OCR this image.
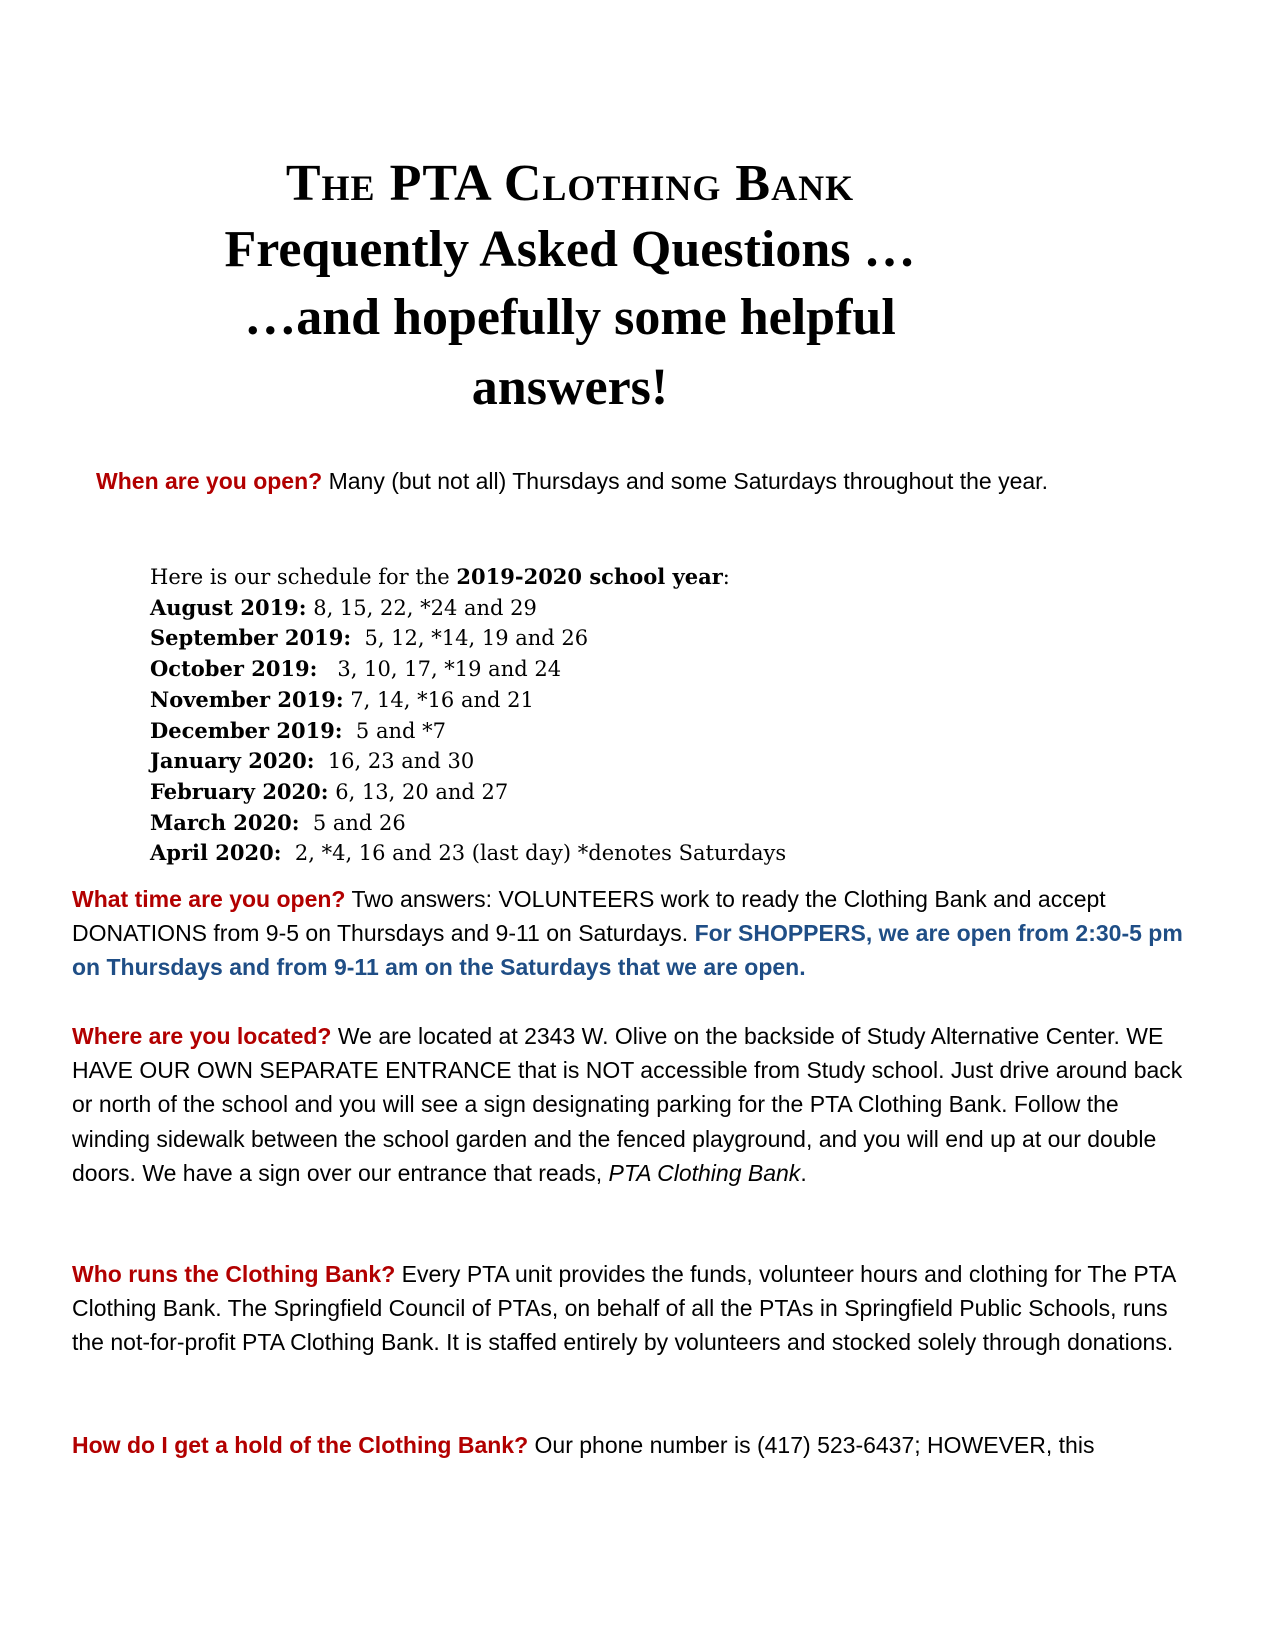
The PTA Clothing Bank
Frequently Asked Questions …
…and hopefully some helpful
answers!
When are you open? Many (but not all) Thursdays and some Saturdays throughout the year.
Here is our schedule for the 2019-2020 school year:
August 2019: 8, 15, 22, *24 and 29
September 2019:  5, 12, *14, 19 and 26
October 2019:   3, 10, 17, *19 and 24
November 2019: 7, 14, *16 and 21
December 2019:  5 and *7
January 2020:  16, 23 and 30
February 2020: 6, 13, 20 and 27
March 2020:  5 and 26
April 2020:  2, *4, 16 and 23 (last day) *denotes Saturdays
What time are you open? Two answers: VOLUNTEERS work to ready the Clothing Bank and accept DONATIONS from 9-5 on Thursdays and 9-11 on Saturdays. For SHOPPERS, we are open from 2:30-5 pm on Thursdays and from 9-11 am on the Saturdays that we are open.
Where are you located? We are located at 2343 W. Olive on the backside of Study Alternative Center. WE HAVE OUR OWN SEPARATE ENTRANCE that is NOT accessible from Study school. Just drive around back or north of the school and you will see a sign designating parking for the PTA Clothing Bank. Follow the winding sidewalk between the school garden and the fenced playground, and you will end up at our double doors. We have a sign over our entrance that reads, PTA Clothing Bank.
Who runs the Clothing Bank? Every PTA unit provides the funds, volunteer hours and clothing for The PTA Clothing Bank. The Springfield Council of PTAs, on behalf of all the PTAs in Springfield Public Schools, runs the not-for-profit PTA Clothing Bank. It is staffed entirely by volunteers and stocked solely through donations.
How do I get a hold of the Clothing Bank? Our phone number is (417) 523-6437; HOWEVER, this
